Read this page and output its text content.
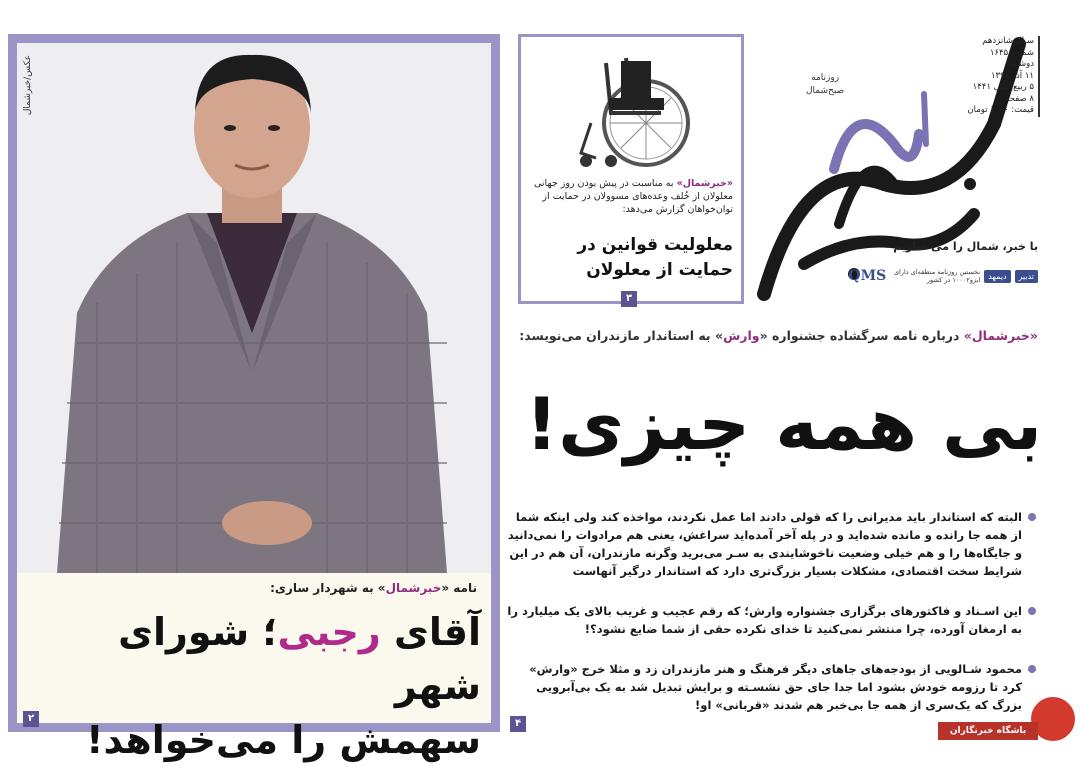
عکس/خبرشمال
نامه «خبرشمال» به شهردار ساری:
آقای رجبی؛ شورای شهر
سهمش را می‌خواهد!
۲
«خبرشمال» به مناسبت در پیش بودن روز جهانی معلولان از خُلف وعده‌های مسوولان در حمایت از توان‌خواهان گزارش می‌دهد:
معلولیت قوانین در حمایت از معلولان
۳
روزنامه
صبح‌شمال
سـال شانزدهم
شماره ۱۶۴۵
دوشنبه
۱۱ آذر ۱۳۹۸
۵ ربیع‌الثانی ۱۴۴۱
۸ صفحه
قیمت: ۱۰۰۰ تومان
با خبر، شمال را می‌ سازیم
تدبیر
دیمهد
نخستین روزنامه منطقه‌ای دارای ایزو۱۰۰۰۲ در کشور
QMS
«خبرشمال» درباره نامه سرگشاده جشنواره «وارش» به استاندار مازندران می‌نویسد:
بی همه چیزی!
البته که استاندار باید مدیرانی را که قولی دادند اما عمل نکردند، مواخذه کند ولی اینکه شما از همه جا رانده و مانده شده‌اید و در پله آخر آمده‌اید سراغش، یعنی هم مرادوات را نمی‌دانید و جایگاه‌ها را و هم خیلی وضعیت ناخوشایندی به سـر می‌برید وگرنه مازندران، آن هم در این شرایط سخت اقتصادی، مشکلات بسیار بزرگ‌تری دارد که استاندار درگیر آنهاست
این اسـناد و فاکتورهای برگزاری جشنواره وارش؛ که رقم عجیب و غریب بالای یک میلیارد را به ارمغان آورده، چرا منتشر نمی‌کنید تا خدای نکرده حقی از شما ضایع نشود؟!
محمود شـالویی از بودجه‌های جاهای دیگر فرهنگ و هنر مازندران زد و مثلا خرج «وارش» کرد تا رزومه خودش بشود اما جدا جای حق نشسـته و برایش تبدیل شد به یک بی‌آبرویی بزرگ که یک‌سری از همه جا بی‌خبر هم شدند «قربانی» او!
۴
باشگاه خبرنگاران
